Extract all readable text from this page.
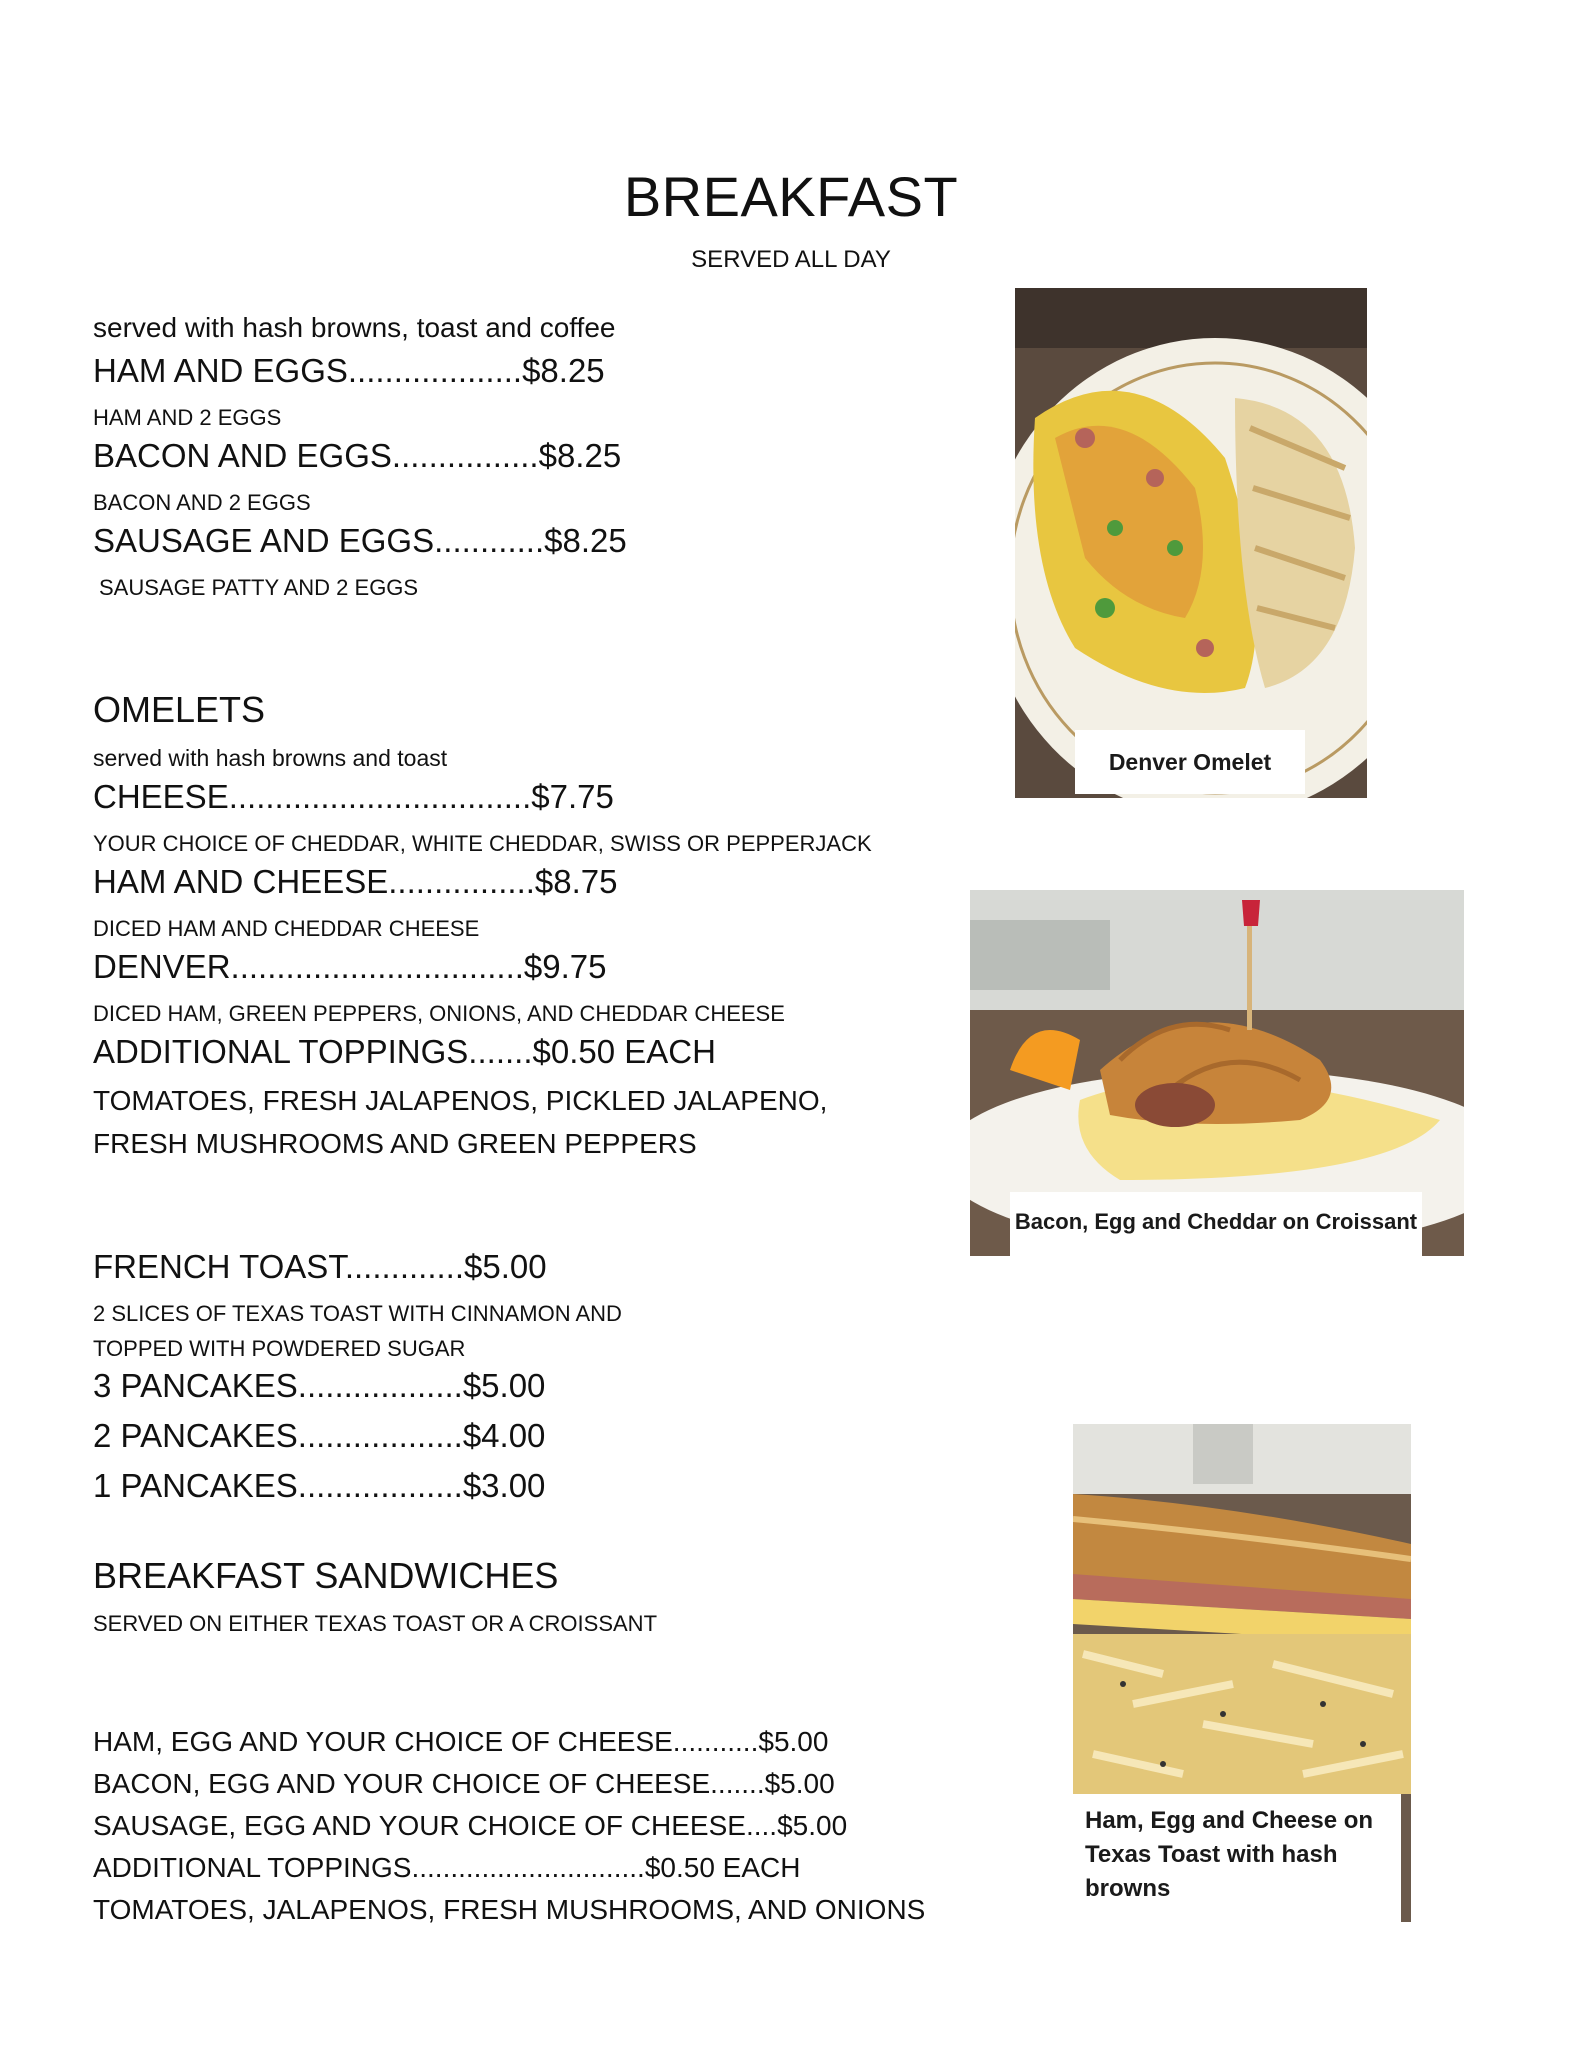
BREAKFAST
SERVED ALL DAY
served with hash browns, toast and coffee
HAM AND EGGS...................$8.25
HAM AND 2 EGGS
BACON AND EGGS................$8.25
BACON AND 2 EGGS
SAUSAGE AND EGGS............$8.25
SAUSAGE PATTY AND 2 EGGS
OMELETS
served with hash browns and toast
CHEESE.................................$7.75
YOUR CHOICE OF CHEDDAR, WHITE CHEDDAR, SWISS OR PEPPERJACK
HAM AND CHEESE................$8.75
DICED HAM AND CHEDDAR CHEESE
DENVER................................$9.75
DICED HAM, GREEN PEPPERS, ONIONS, AND CHEDDAR CHEESE
ADDITIONAL TOPPINGS.......$0.50 EACH
TOMATOES, FRESH JALAPENOS, PICKLED JALAPENO,
FRESH MUSHROOMS AND GREEN PEPPERS
FRENCH TOAST.............$5.00
2 SLICES OF TEXAS TOAST WITH CINNAMON AND
TOPPED WITH POWDERED SUGAR
3 PANCAKES..................$5.00
2 PANCAKES..................$4.00
1 PANCAKES..................$3.00
BREAKFAST SANDWICHES
SERVED ON EITHER TEXAS TOAST OR A CROISSANT
HAM, EGG AND YOUR CHOICE OF CHEESE...........$5.00
BACON, EGG AND YOUR CHOICE OF CHEESE.......$5.00
SAUSAGE, EGG AND YOUR CHOICE OF CHEESE....$5.00
ADDITIONAL TOPPINGS..............................$0.50 EACH
TOMATOES, JALAPENOS, FRESH MUSHROOMS, AND ONIONS
Denver Omelet
Bacon, Egg and Cheddar on Croissant
Ham, Egg and Cheese on
Texas Toast with hash
browns
